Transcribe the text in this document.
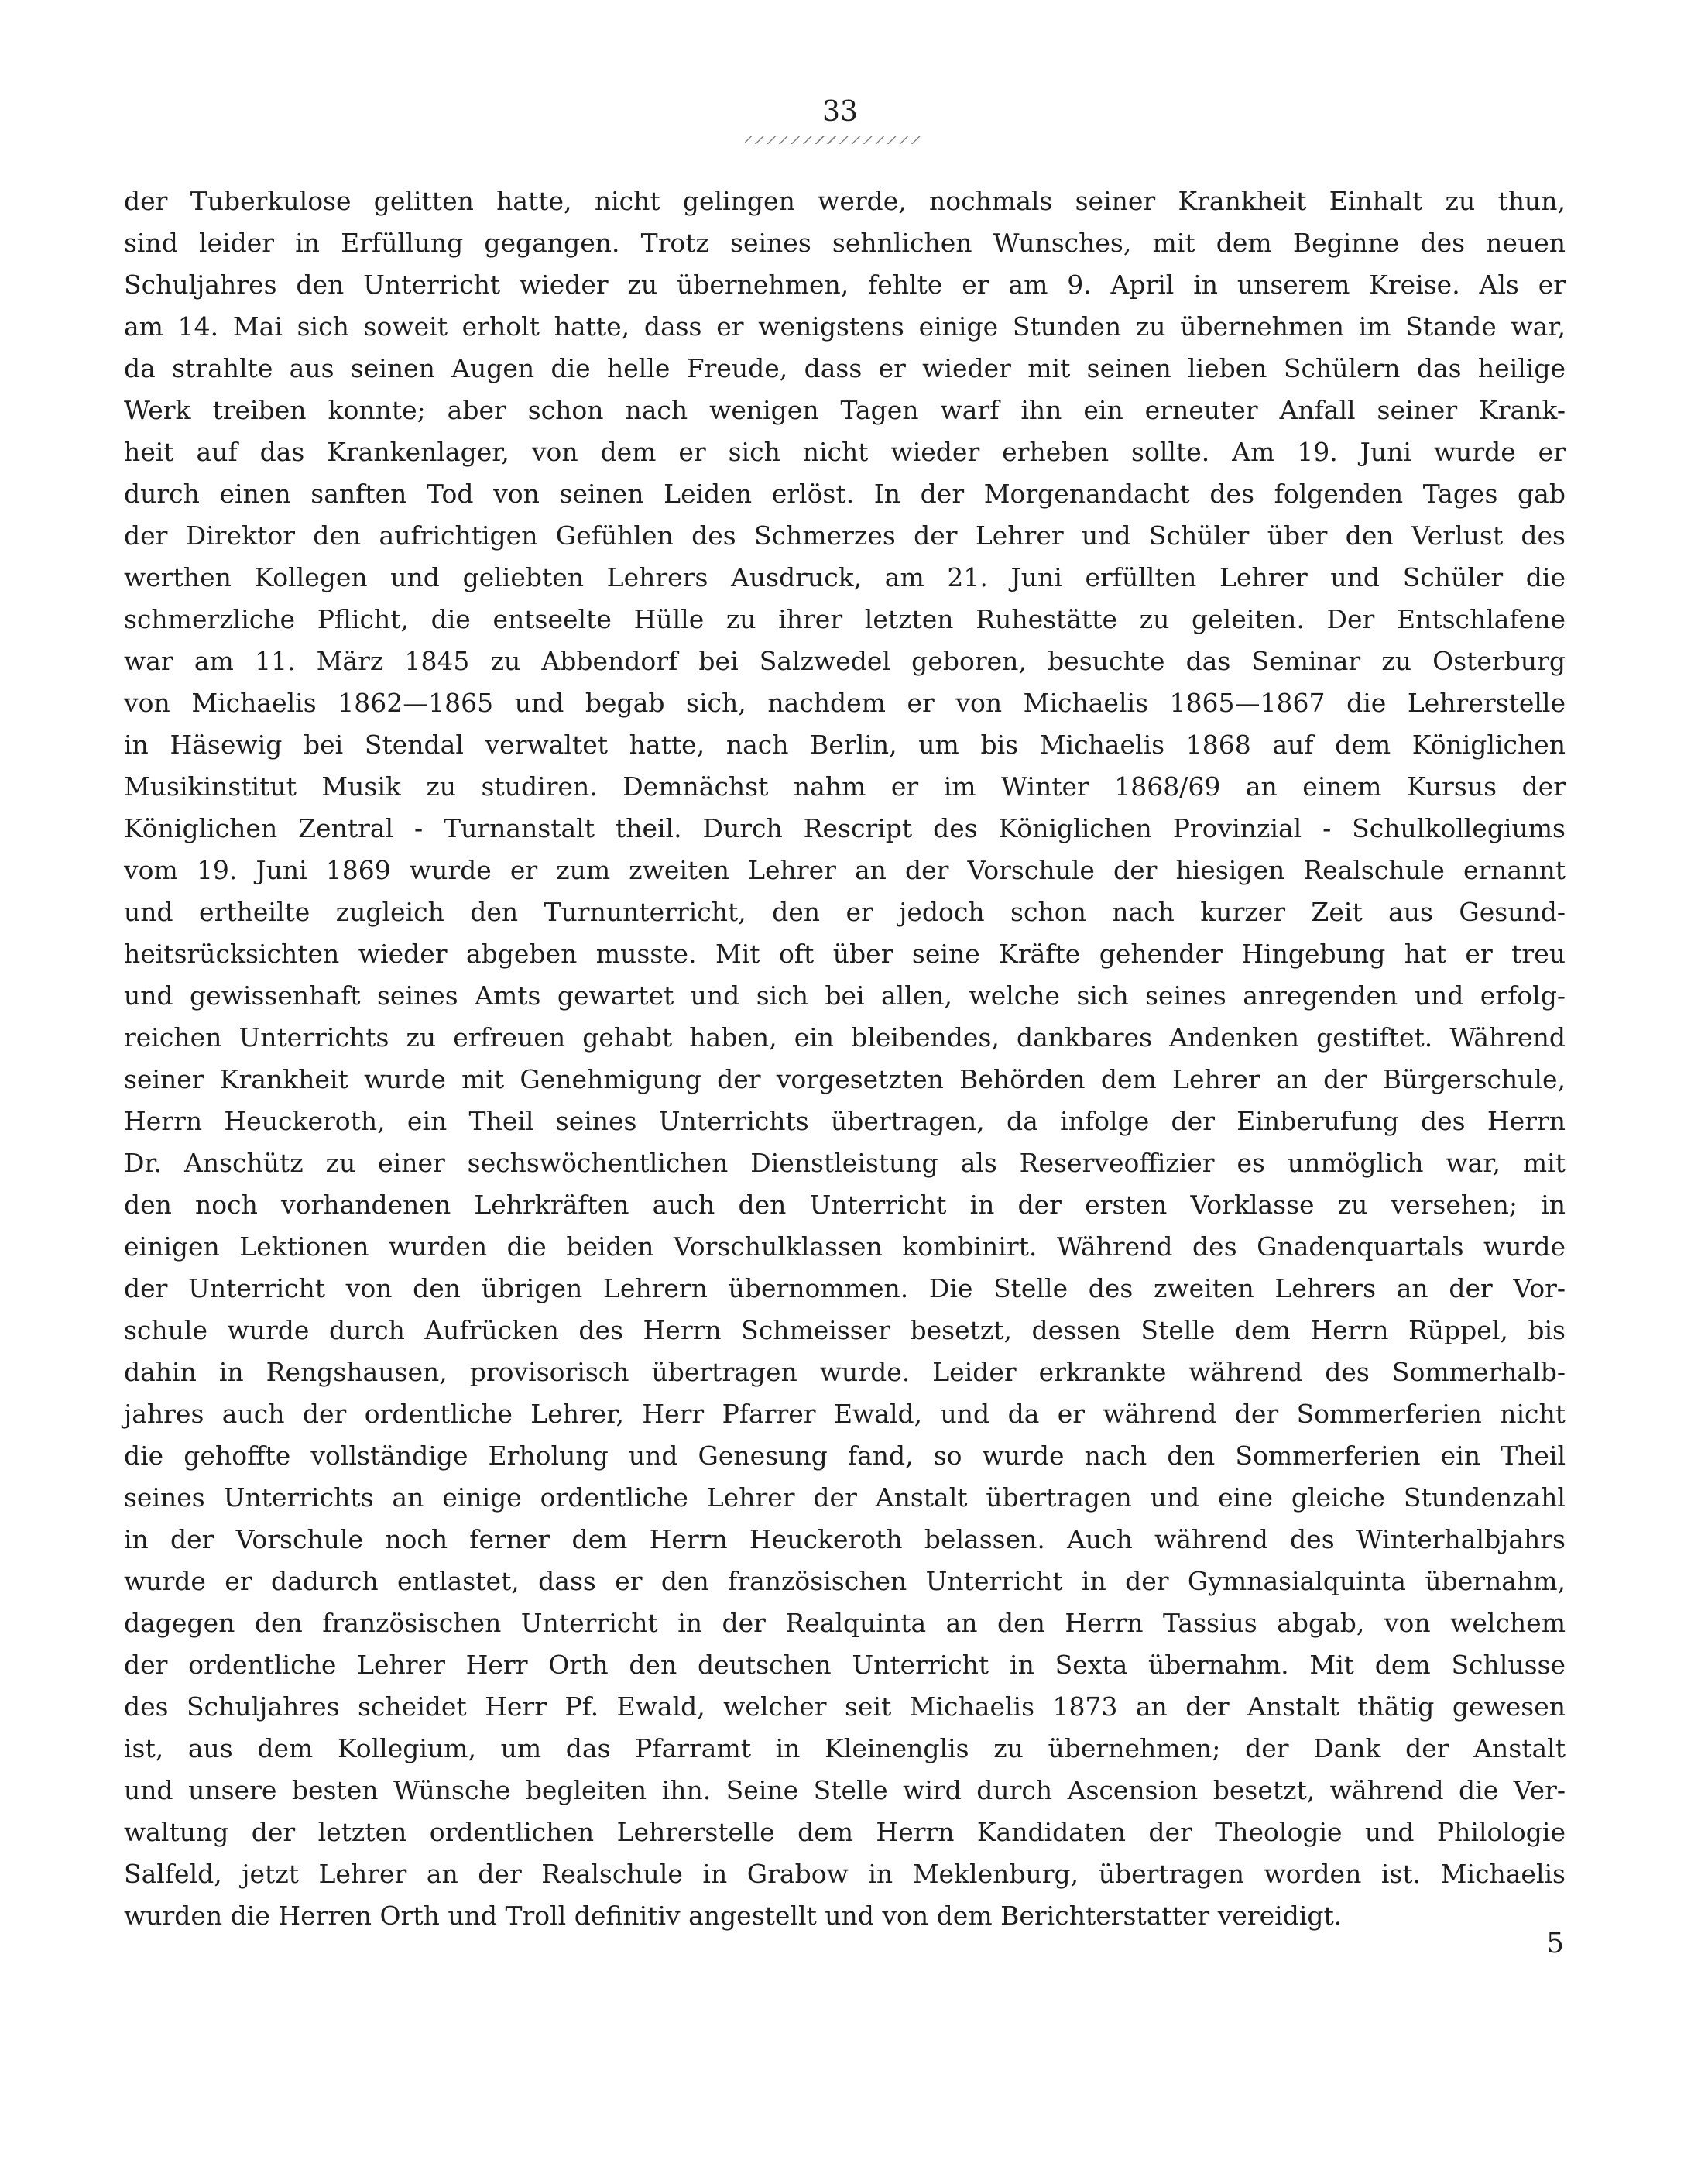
33
der Tuberkulose gelitten hatte, nicht gelingen werde, nochmals seiner Krankheit Einhalt zu thun,
sind leider in Erfüllung gegangen. Trotz seines sehnlichen Wunsches, mit dem Beginne des neuen
Schuljahres den Unterricht wieder zu übernehmen, fehlte er am 9. April in unserem Kreise. Als er
am 14. Mai sich soweit erholt hatte, dass er wenigstens einige Stunden zu übernehmen im Stande war,
da strahlte aus seinen Augen die helle Freude, dass er wieder mit seinen lieben Schülern das heilige
Werk treiben konnte; aber schon nach wenigen Tagen warf ihn ein erneuter Anfall seiner Krank-
heit auf das Krankenlager, von dem er sich nicht wieder erheben sollte. Am 19. Juni wurde er
durch einen sanften Tod von seinen Leiden erlöst. In der Morgenandacht des folgenden Tages gab
der Direktor den aufrichtigen Gefühlen des Schmerzes der Lehrer und Schüler über den Verlust des
werthen Kollegen und geliebten Lehrers Ausdruck, am 21. Juni erfüllten Lehrer und Schüler die
schmerzliche Pflicht, die entseelte Hülle zu ihrer letzten Ruhestätte zu geleiten. Der Entschlafene
war am 11. März 1845 zu Abbendorf bei Salzwedel geboren, besuchte das Seminar zu Osterburg
von Michaelis 1862—1865 und begab sich, nachdem er von Michaelis 1865—1867 die Lehrerstelle
in Häsewig bei Stendal verwaltet hatte, nach Berlin, um bis Michaelis 1868 auf dem Königlichen
Musikinstitut Musik zu studiren. Demnächst nahm er im Winter 1868/69 an einem Kursus der
Königlichen Zentral - Turnanstalt theil. Durch Rescript des Königlichen Provinzial - Schulkollegiums
vom 19. Juni 1869 wurde er zum zweiten Lehrer an der Vorschule der hiesigen Realschule ernannt
und ertheilte zugleich den Turnunterricht, den er jedoch schon nach kurzer Zeit aus Gesund-
heitsrücksichten wieder abgeben musste. Mit oft über seine Kräfte gehender Hingebung hat er treu
und gewissenhaft seines Amts gewartet und sich bei allen, welche sich seines anregenden und erfolg-
reichen Unterrichts zu erfreuen gehabt haben, ein bleibendes, dankbares Andenken gestiftet. Während
seiner Krankheit wurde mit Genehmigung der vorgesetzten Behörden dem Lehrer an der Bürgerschule,
Herrn Heuckeroth, ein Theil seines Unterrichts übertragen, da infolge der Einberufung des Herrn
Dr. Anschütz zu einer sechswöchentlichen Dienstleistung als Reserveoffizier es unmöglich war, mit
den noch vorhandenen Lehrkräften auch den Unterricht in der ersten Vorklasse zu versehen; in
einigen Lektionen wurden die beiden Vorschulklassen kombinirt. Während des Gnadenquartals wurde
der Unterricht von den übrigen Lehrern übernommen. Die Stelle des zweiten Lehrers an der Vor-
schule wurde durch Aufrücken des Herrn Schmeisser besetzt, dessen Stelle dem Herrn Rüppel, bis
dahin in Rengshausen, provisorisch übertragen wurde. Leider erkrankte während des Sommerhalb-
jahres auch der ordentliche Lehrer, Herr Pfarrer Ewald, und da er während der Sommerferien nicht
die gehoffte vollständige Erholung und Genesung fand, so wurde nach den Sommerferien ein Theil
seines Unterrichts an einige ordentliche Lehrer der Anstalt übertragen und eine gleiche Stundenzahl
in der Vorschule noch ferner dem Herrn Heuckeroth belassen. Auch während des Winterhalbjahrs
wurde er dadurch entlastet, dass er den französischen Unterricht in der Gymnasialquinta übernahm,
dagegen den französischen Unterricht in der Realquinta an den Herrn Tassius abgab, von welchem
der ordentliche Lehrer Herr Orth den deutschen Unterricht in Sexta übernahm. Mit dem Schlusse
des Schuljahres scheidet Herr Pf. Ewald, welcher seit Michaelis 1873 an der Anstalt thätig gewesen
ist, aus dem Kollegium, um das Pfarramt in Kleinenglis zu übernehmen; der Dank der Anstalt
und unsere besten Wünsche begleiten ihn. Seine Stelle wird durch Ascension besetzt, während die Ver-
waltung der letzten ordentlichen Lehrerstelle dem Herrn Kandidaten der Theologie und Philologie
Salfeld, jetzt Lehrer an der Realschule in Grabow in Meklenburg, übertragen worden ist. Michaelis
wurden die Herren Orth und Troll definitiv angestellt und von dem Berichterstatter vereidigt.
5
